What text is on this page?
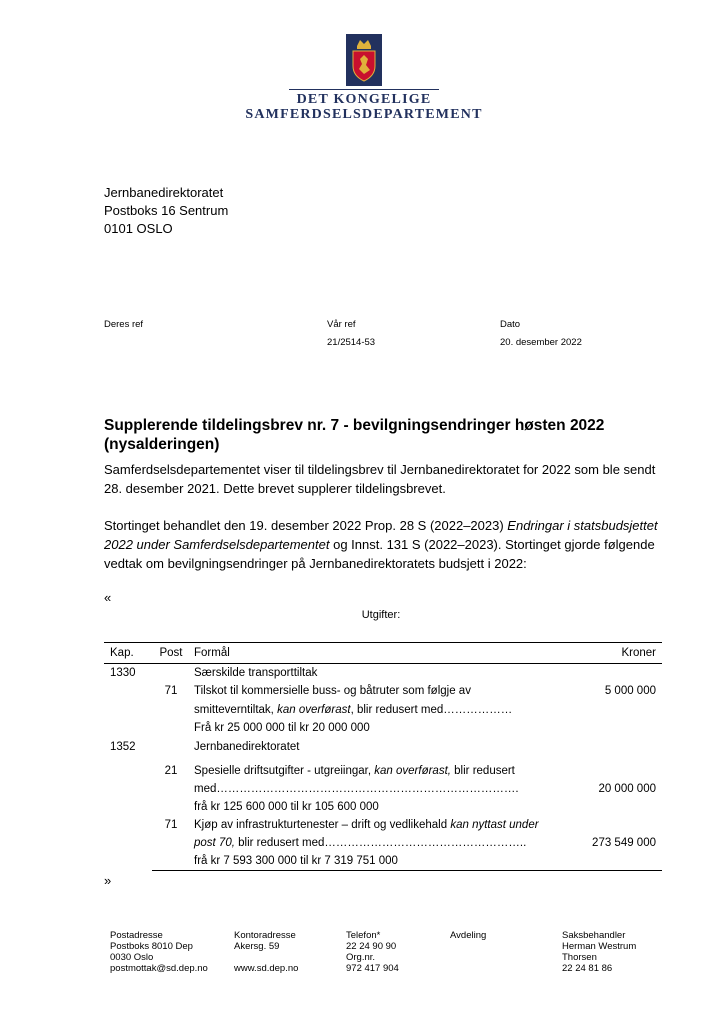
DET KONGELIGE
SAMFERDSELSDEPARTEMENT
Jernbanedirektoratet
Postboks 16 Sentrum
0101 OSLO
Deres ref	Vår ref
21/2514-53
Dato
20. desember 2022
Supplerende tildelingsbrev nr. 7 - bevilgningsendringer høsten 2022 (nysalderingen)
Samferdselsdepartementet viser til tildelingsbrev til Jernbanedirektoratet for 2022 som ble sendt 28. desember 2021. Dette brevet supplerer tildelingsbrevet.
Stortinget behandlet den 19. desember 2022 Prop. 28 S (2022–2023) Endringar i statsbudsjettet 2022 under Samferdselsdepartementet og Innst. 131 S (2022–2023). Stortinget gjorde følgende vedtak om bevilgningsendringer på Jernbanedirektoratets budsjett i 2022:
«
Utgifter:
Kap.	Post	Formål	Kroner
1330		Særskilde transporttiltak	
	71	Tilskot til kommersielle buss- og båtruter som følgje av
smitteverntiltak, kan overførast, blir redusert med………………
Frå kr 25 000 000 til kr 20 000 000	5 000 000
1352		Jernbanedirektoratet	
	21	Spesielle driftsutgifter - utgreiingar, kan overførast, blir redusert
med…………………………………………………………………….
frå kr 125 600 000 til kr 105 600 000	20 000 000
	71	Kjøp av infrastrukturtenester – drift og vedlikehald kan nyttast under
post 70, blir redusert med……………………………………………..
frå kr 7 593 300 000 til kr 7 319 751 000	273 549 000
»
Postadresse
Postboks 8010 Dep
0030 Oslo
postmottak@sd.dep.no
Kontoradresse
Akersg. 59
www.sd.dep.no
Telefon*
22 24 90 90
Org.nr.
972 417 904
Avdeling	Saksbehandler
Herman Westrum
Thorsen
22 24 81 86
